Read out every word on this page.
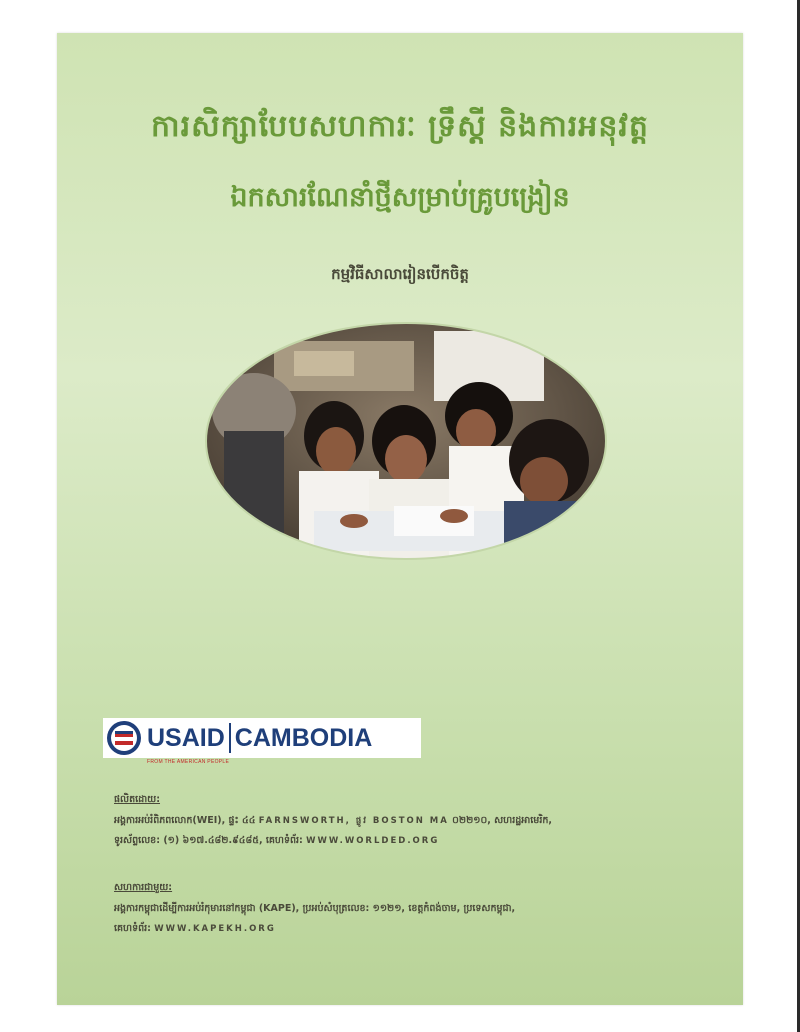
ការសិក្សាបែបសហការៈ ទ្រឹស្តី និងការអនុវត្ត
ឯកសារណែនាំថ្មីសម្រាប់គ្រូបង្រៀន
កម្មវិធីសាលារៀនបើកចិត្ត
USAID
FROM THE AMERICAN PEOPLE
CAMBODIA
ផលិតដោយ:
អង្គការអប់រំពិភពលោក(WEI), ផ្ទះ ៤៤ FARNSWORTH, ផ្លូវ BOSTON MA ០២២១០, សហរដ្ឋអាមេរិក,
ទូរស័ព្ទលេខ: (១) ៦១៧.៤៨២.៩៤៨៥, គេហទំព័រ: WWW.WORLDED.ORG
សហការជាមួយ:
អង្គការកម្ពុជាដើម្បីការអប់រំកុមារនៅកម្ពុជា (KAPE), ប្រអប់សំបុត្រលេខ: ១១២១, ខេត្តកំពង់ចាម, ប្រទេសកម្ពុជា,
គេហទំព័រ: WWW.KAPEKH.ORG
